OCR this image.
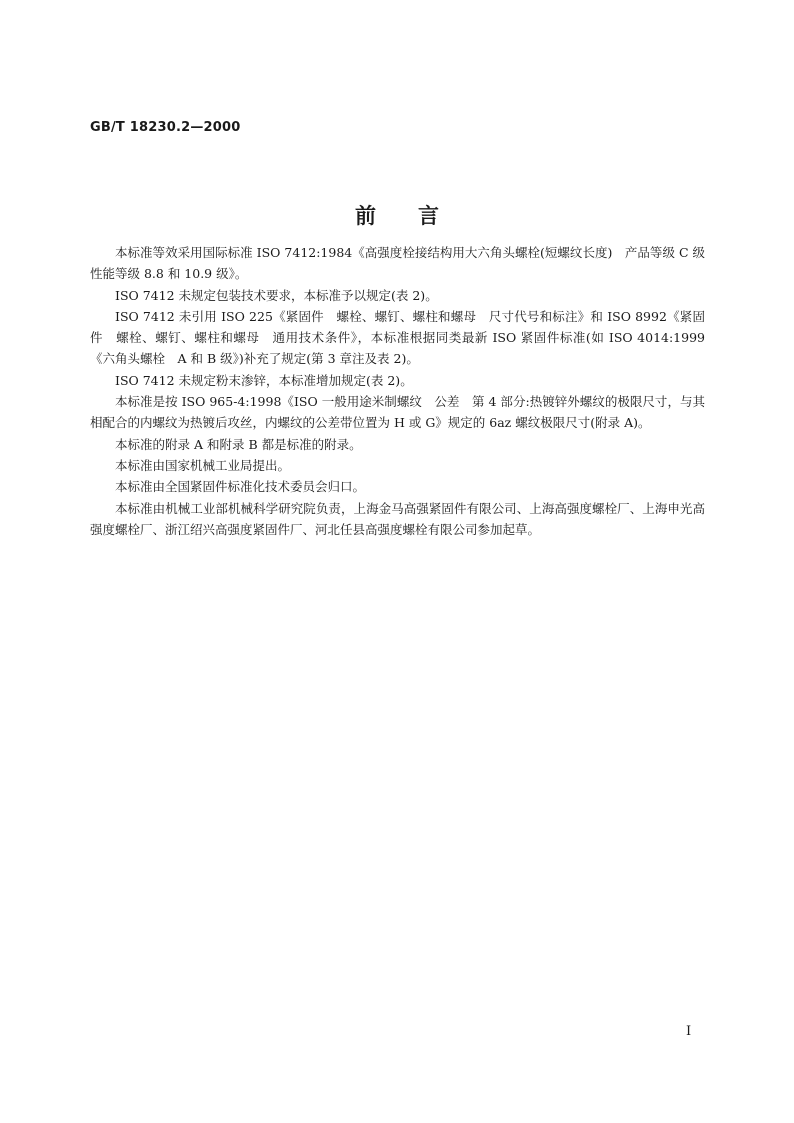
GB/T 18230.2—2000
前言

本标准等效采用国际标准 ISO 7412:1984《高强度栓接结构用大六角头螺栓(短螺纹长度)　产品等级 C 级　性能等级 8.8 和 10.9 级》。

ISO 7412 未规定包装技术要求，本标准予以规定(表 2)。

ISO 7412 未引用 ISO 225《紧固件　螺栓、螺钉、螺柱和螺母　尺寸代号和标注》和 ISO 8992《紧固件　螺栓、螺钉、螺柱和螺母　通用技术条件》，本标准根据同类最新 ISO 紧固件标准(如 ISO 4014:1999《六角头螺栓　A 和 B 级》)补充了规定(第 3 章注及表 2)。

ISO 7412 未规定粉末渗锌，本标准增加规定(表 2)。

本标准是按 ISO 965-4:1998《ISO 一般用途米制螺纹　公差　第 4 部分:热镀锌外螺纹的极限尺寸，与其相配合的内螺纹为热镀后攻丝，内螺纹的公差带位置为 H 或 G》规定的 6az 螺纹极限尺寸(附录 A)。

本标准的附录 A 和附录 B 都是标准的附录。

本标准由国家机械工业局提出。

本标准由全国紧固件标准化技术委员会归口。

本标准由机械工业部机械科学研究院负责，上海金马高强紧固件有限公司、上海高强度螺栓厂、上海申光高强度螺栓厂、浙江绍兴高强度紧固件厂、河北任县高强度螺栓有限公司参加起草。

I
